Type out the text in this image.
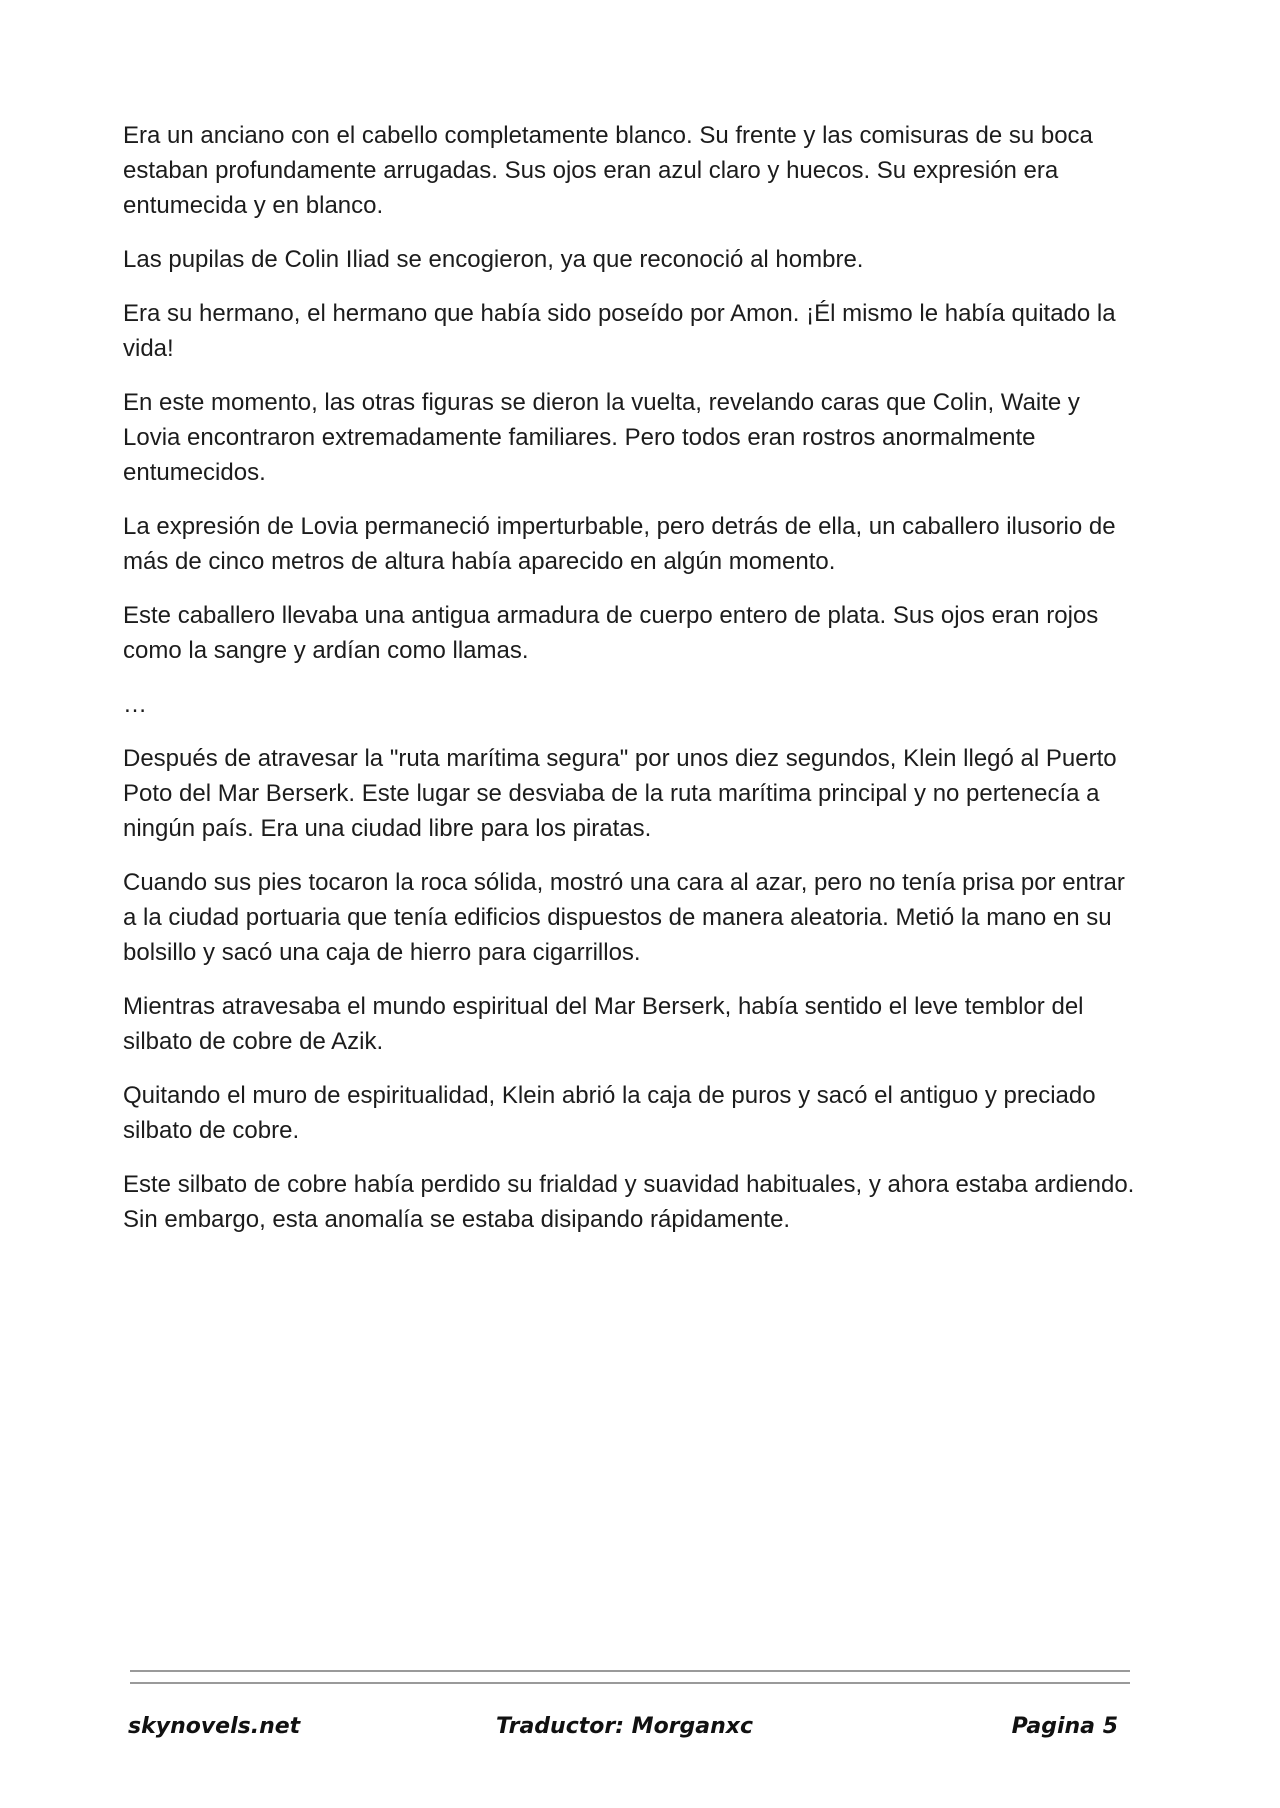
Era un anciano con el cabello completamente blanco. Su frente y las comisuras de su boca estaban profundamente arrugadas. Sus ojos eran azul claro y huecos. Su expresión era entumecida y en blanco.

Las pupilas de Colin Iliad se encogieron, ya que reconoció al hombre.

Era su hermano, el hermano que había sido poseído por Amon. ¡Él mismo le había quitado la vida!

En este momento, las otras figuras se dieron la vuelta, revelando caras que Colin, Waite y Lovia encontraron extremadamente familiares. Pero todos eran rostros anormalmente entumecidos.

La expresión de Lovia permaneció imperturbable, pero detrás de ella, un caballero ilusorio de más de cinco metros de altura había aparecido en algún momento.

Este caballero llevaba una antigua armadura de cuerpo entero de plata. Sus ojos eran rojos como la sangre y ardían como llamas.

…

Después de atravesar la "ruta marítima segura" por unos diez segundos, Klein llegó al Puerto Poto del Mar Berserk. Este lugar se desviaba de la ruta marítima principal y no pertenecía a ningún país. Era una ciudad libre para los piratas.

Cuando sus pies tocaron la roca sólida, mostró una cara al azar, pero no tenía prisa por entrar a la ciudad portuaria que tenía edificios dispuestos de manera aleatoria. Metió la mano en su bolsillo y sacó una caja de hierro para cigarrillos.

Mientras atravesaba el mundo espiritual del Mar Berserk, había sentido el leve temblor del silbato de cobre de Azik.

Quitando el muro de espiritualidad, Klein abrió la caja de puros y sacó el antiguo y preciado silbato de cobre.

Este silbato de cobre había perdido su frialdad y suavidad habituales, y ahora estaba ardiendo. Sin embargo, esta anomalía se estaba disipando rápidamente.

skynovels.net	Traductor: Morganxc	Pagina 5
